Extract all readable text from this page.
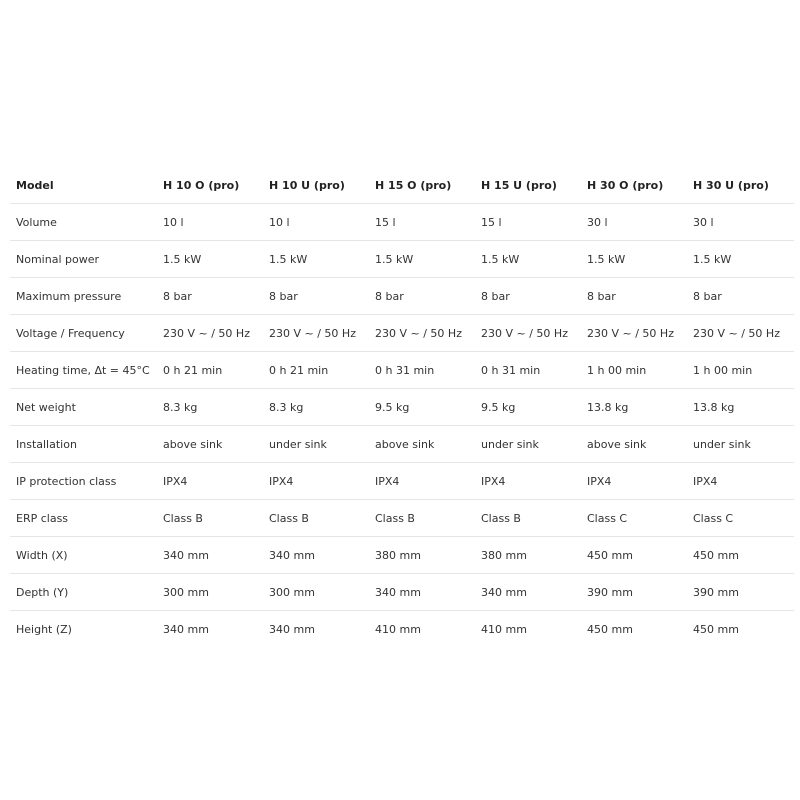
Model	H 10 O (pro)	H 10 U (pro)	H 15 O (pro)	H 15 U (pro)	H 30 O (pro)	H 30 U (pro)
Volume	10 l	10 l	15 l	15 l	30 l	30 l
Nominal power	1.5 kW	1.5 kW	1.5 kW	1.5 kW	1.5 kW	1.5 kW
Maximum pressure	8 bar	8 bar	8 bar	8 bar	8 bar	8 bar
Voltage / Frequency	230 V ~ / 50 Hz	230 V ~ / 50 Hz	230 V ~ / 50 Hz	230 V ~ / 50 Hz	230 V ~ / 50 Hz	230 V ~ / 50 Hz
Heating time, Δt = 45°C	0 h 21 min	0 h 21 min	0 h 31 min	0 h 31 min	1 h 00 min	1 h 00 min
Net weight	8.3 kg	8.3 kg	9.5 kg	9.5 kg	13.8 kg	13.8 kg
Installation	above sink	under sink	above sink	under sink	above sink	under sink
IP protection class	IPX4	IPX4	IPX4	IPX4	IPX4	IPX4
ERP class	Class B	Class B	Class B	Class B	Class C	Class C
Width (X)	340 mm	340 mm	380 mm	380 mm	450 mm	450 mm
Depth (Y)	300 mm	300 mm	340 mm	340 mm	390 mm	390 mm
Height (Z)	340 mm	340 mm	410 mm	410 mm	450 mm	450 mm
